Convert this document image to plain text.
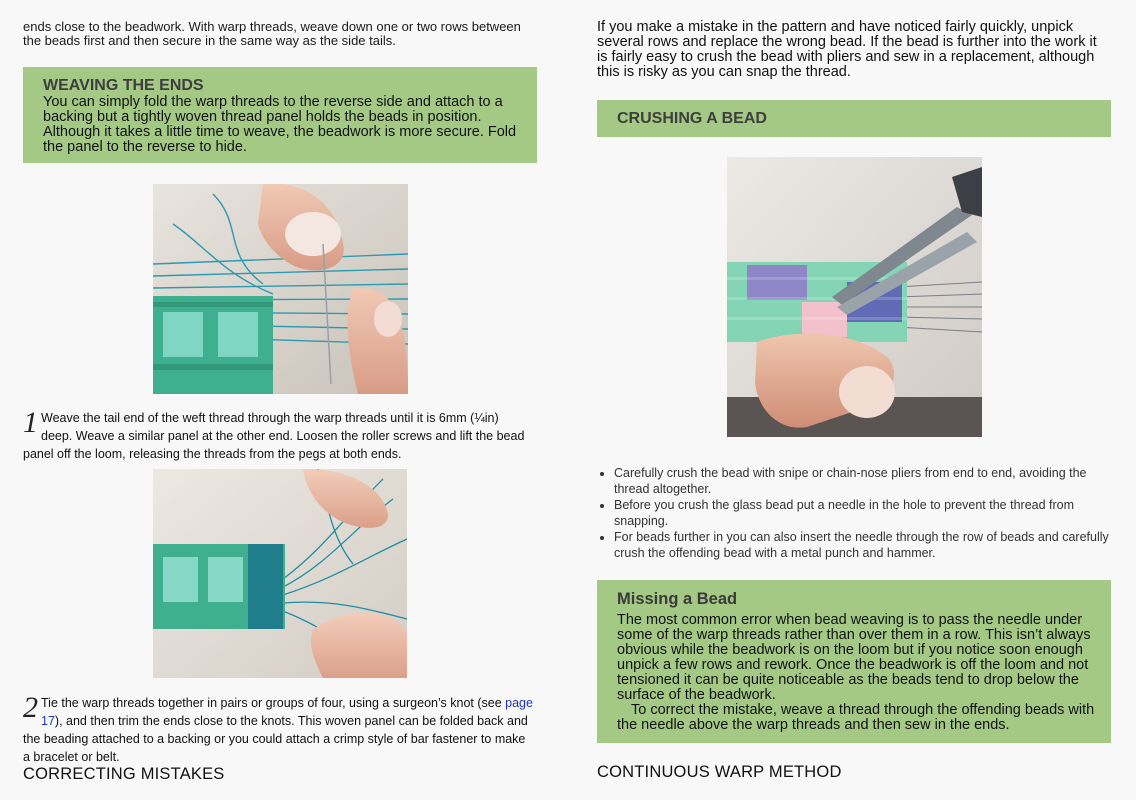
ends close to the beadwork. With warp threads, weave down one or two rows between the beads first and then secure in the same way as the side tails.
WEAVING THE ENDS
You can simply fold the warp threads to the reverse side and attach to a backing but a tightly woven thread panel holds the beads in position. Although it takes a little time to weave, the beadwork is more secure. Fold the panel to the reverse to hide.
1 Weave the tail end of the weft thread through the warp threads until it is 6mm (¼in) deep. Weave a similar panel at the other end. Loosen the roller screws and lift the bead panel off the loom, releasing the threads from the pegs at both ends.
2 Tie the warp threads together in pairs or groups of four, using a surgeon’s knot (see page 17), and then trim the ends close to the knots. This woven panel can be folded back and the beading attached to a backing or you could attach a crimp style of bar fastener to make a bracelet or belt.
CORRECTING MISTAKES
If you make a mistake in the pattern and have noticed fairly quickly, unpick several rows and replace the wrong bead. If the bead is further into the work it is fairly easy to crush the bead with pliers and sew in a replacement, although this is risky as you can snap the thread.
CRUSHING A BEAD
• Carefully crush the bead with snipe or chain-nose pliers from end to end, avoiding the thread altogether.
• Before you crush the glass bead put a needle in the hole to prevent the thread from snapping.
• For beads further in you can also insert the needle through the row of beads and carefully crush the offending bead with a metal punch and hammer.
Missing a Bead
The most common error when bead weaving is to pass the needle under some of the warp threads rather than over them in a row. This isn’t always obvious while the beadwork is on the loom but if you notice soon enough unpick a few rows and rework. Once the beadwork is off the loom and not tensioned it can be quite noticeable as the beads tend to drop below the surface of the beadwork.
To correct the mistake, weave a thread through the offending beads with the needle above the warp threads and then sew in the ends.
CONTINUOUS WARP METHOD
